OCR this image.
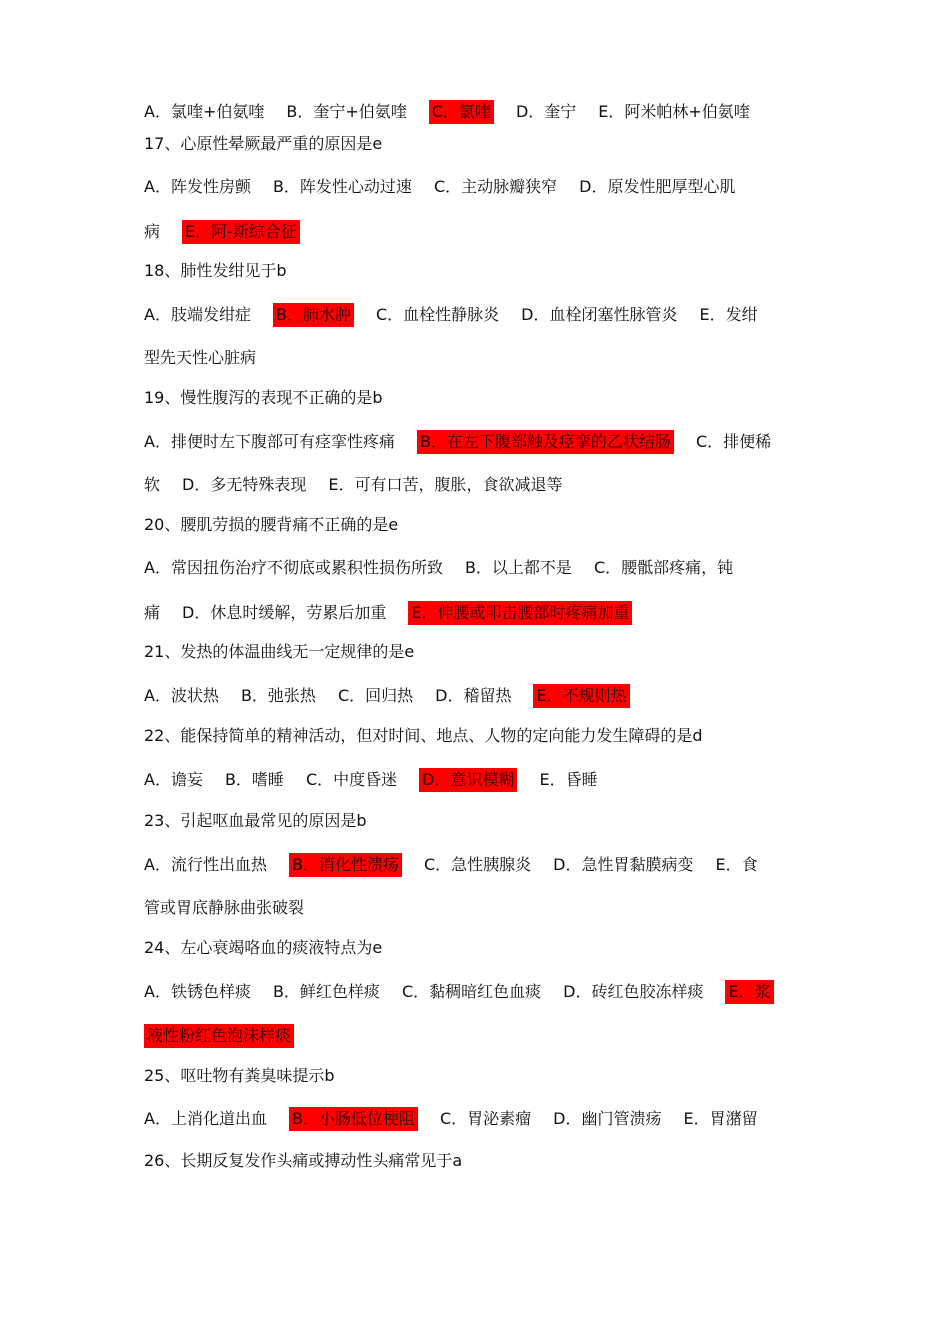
A．氯喹+伯氨喹 B．奎宁+伯氨喹 C．氯喹 D．奎宁 E．阿米帕林+伯氨喹
17、心原性晕厥最严重的原因是e
A．阵发性房颤 B．阵发性心动过速 C．主动脉瓣狭窄 D．原发性肥厚型心肌
病 E．阿-斯综合征
18、肺性发绀见于b
A．肢端发绀症 B．肺水肿 C．血栓性静脉炎 D．血栓闭塞性脉管炎 E．发绀
型先天性心脏病
19、慢性腹泻的表现不正确的是b
A．排便时左下腹部可有痉挛性疼痛 B．在左下腹部触及痉挛的乙状结肠 C．排便稀
软 D．多无特殊表现 E．可有口苦，腹胀，食欲减退等
20、腰肌劳损的腰背痛不正确的是e
A．常因扭伤治疗不彻底或累积性损伤所致 B．以上都不是 C．腰骶部疼痛，钝
痛 D．休息时缓解，劳累后加重 E．伸腰或叩击腰部时疼痛加重
21、发热的体温曲线无一定规律的是e
A．波状热 B．弛张热 C．回归热 D．稽留热 E．不规则热
22、能保持简单的精神活动，但对时间、地点、人物的定向能力发生障碍的是d
A．谵妄 B．嗜睡 C．中度昏迷 D．意识模糊 E．昏睡
23、引起呕血最常见的原因是b
A．流行性出血热 B．消化性溃疡 C．急性胰腺炎 D．急性胃黏膜病变 E．食
管或胃底静脉曲张破裂
24、左心衰竭咯血的痰液特点为e
A．铁锈色样痰 B．鲜红色样痰 C．黏稠暗红色血痰 D．砖红色胶冻样痰 E．浆
液性粉红色泡沫样痰
25、呕吐物有粪臭味提示b
A．上消化道出血 B．小肠低位梗阻 C．胃泌素瘤 D．幽门管溃疡 E．胃潴留
26、长期反复发作头痛或搏动性头痛常见于a
